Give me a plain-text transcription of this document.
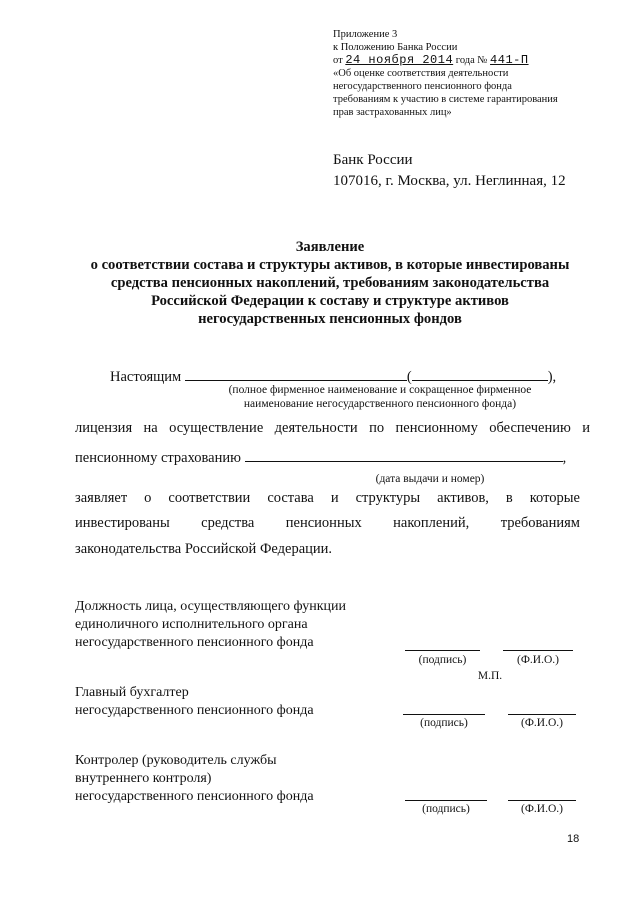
Приложение 3
к Положению Банка России
от 24 ноября 2014 года № 441-П
«Об оценке соответствия деятельности
негосударственного пенсионного фонда
требованиям к участию в системе гарантирования
прав застрахованных лиц»
Банк России
107016, г. Москва, ул. Неглинная, 12
Заявление
о соответствии состава и структуры активов, в которые инвестированы
средства пенсионных накоплений, требованиям законодательства
Российской Федерации к составу и структуре активов
негосударственных пенсионных фондов
Настоящим	(	),
(полное фирменное наименование и сокращенное фирменное
наименование негосударственного пенсионного фонда)
лицензия на осуществление деятельности по пенсионному обеспечению и
пенсионному страхованию	,
(дата выдачи и номер)
заявляет о соответствии состава и структуры активов, в которые
инвестированы средства пенсионных накоплений, требованиям
законодательства Российской Федерации.
Должность лица, осуществляющего функции
единоличного исполнительного органа
негосударственного пенсионного фонда
(подпись)	(Ф.И.О.)
М.П.
Главный бухгалтер
негосударственного пенсионного фонда
(подпись)	(Ф.И.О.)
Контролер (руководитель службы
внутреннего контроля)
негосударственного пенсионного фонда
(подпись)	(Ф.И.О.)
18
